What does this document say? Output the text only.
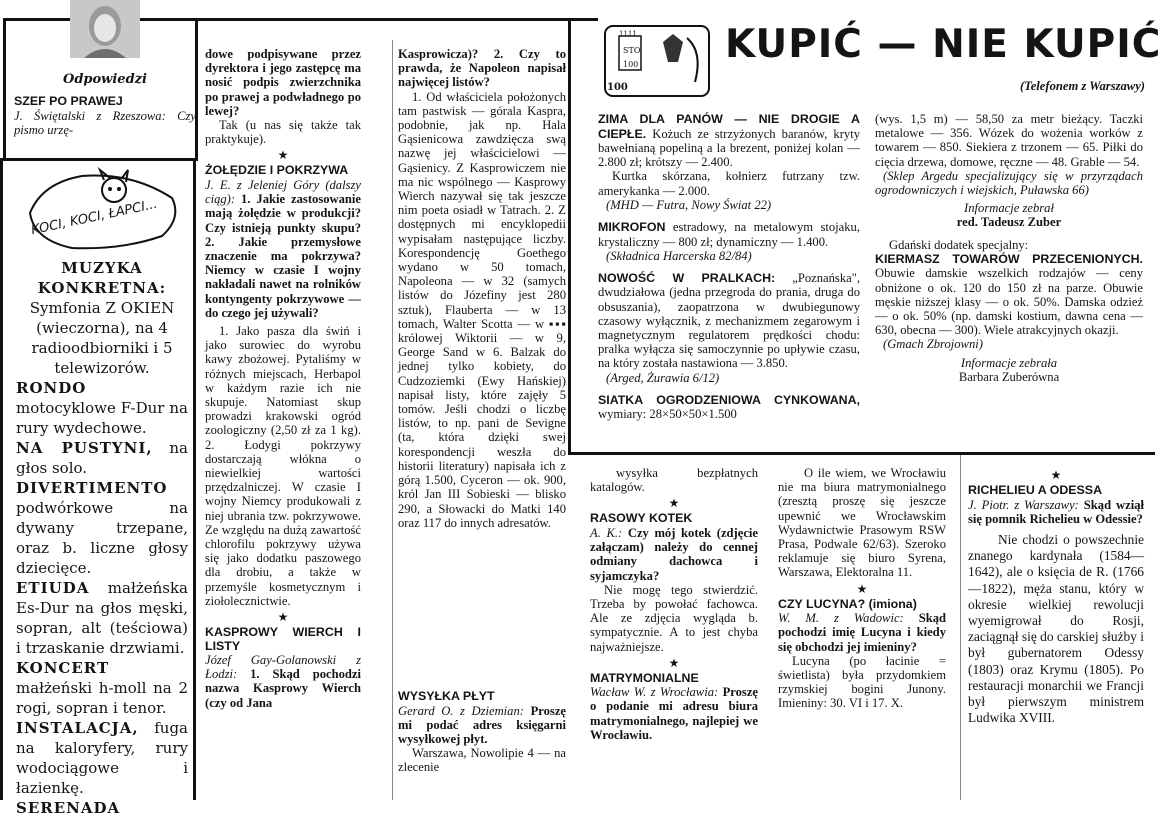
Odpowiedzi

SZEF PO PRAWEJ

J. Świętalski z Rzeszowa: Czy pismo urzę-

KOCI, KOCI, ŁAPCI...
MUZYKA KONKRETNA: Symfonia Z OKIEN (wieczorna), na 4 radioodbiorniki i 5 telewizorów.
RONDO motocyklowe F-Dur na rury wydechowe.
NA PUSTYNI, na głos solo.
DIVERTIMENTO podwórkowe na dywany trzepane, oraz b. liczne głosy dziecięce.
ETIUDA małżeńska Es-Dur na głos męski, sopran, alt (teściowa) i trzaskanie drzwiami.
KONCERT małżeński h-moll na 2 rogi, sopran i tenor.
INSTALACJA, fuga na kaloryfery, rury wodociągowe i łazienkę.
SERENADA

dowe podpisywane przez dyrektora i jego zastępcę ma nosić podpis zwierzchnika po prawej a podwładnego po lewej?

Tak (u nas się także tak praktykuje).

★

ŻOŁĘDZIE I POKRZYWA

J. E. z Jeleniej Góry (dalszy ciąg): 1. Jakie zastosowanie mają żołędzie w produkcji? Czy istnieją punkty skupu? 2. Jakie przemysłowe znaczenie ma pokrzywa? Niemcy w czasie I wojny nakładali nawet na rolników kontyngenty pokrzywowe — do czego jej używali?

1. Jako pasza dla świń i jako surowiec do wyrobu kawy zbożowej. Pytaliśmy w różnych miejscach, Herbapol w każdym razie ich nie skupuje. Natomiast skup prowadzi krakowski ogród zoologiczny (2,50 zł za 1 kg). 2. Łodygi pokrzywy dostarczają włókna o niewielkiej wartości przędzalniczej. W czasie I wojny Niemcy produkowali z niej ubrania tzw. pokrzywowe. Ze względu na dużą zawartość chlorofilu pokrzywy używa się jako dodatku paszowego dla drobiu, a także w przemyśle kosmetycznym i ziołolecznictwie.

★

KASPROWY WIERCH I LISTY

Józef Gay-Golanowski z Łodzi: 1. Skąd pochodzi nazwa Kasprowy Wierch (czy od Jana

Kasprowicza)? 2. Czy to prawda, że Napoleon napisał najwięcej listów?

1. Od właściciela położonych tam pastwisk — górala Kaspra, podobnie, jak np. Hala Gąsienicowa zawdzięcza swą nazwę jej właścicielowi — Gąsienicy. Z Kasprowiczem nie ma nic wspólnego — Kasprowy Wierch nazywał się tak jeszcze nim poeta osiadł w Tatrach. 2. Z dostępnych mi encyklopedii wypisałam następujące liczby. Korespondencję Goethego wydano w 50 tomach, Napoleona — w 32 (samych listów do Józefiny jest 280 sztuk), Flauberta — w 13 tomach, Walter Scotta — w ▪▪▪ królowej Wiktorii — w 9, George Sand w 6. Balzak do jednej tylko kobiety, do Cudzoziemki (Ewy Hańskiej) napisał listy, które zajęły 5 tomów. Jeśli chodzi o liczbę listów, to np. pani de Sevigne (ta, która dzięki swej korespondencji weszła do historii literatury) napisała ich z górą 1.500, Cyceron — ok. 900, król Jan III Sobieski — blisko 290, a Słowacki do Matki 140 oraz 117 do innych adresatów.

1111
STO
100
100
KUPIĆ — NIE KUPIĆ
(Telefonem z Warszawy)

ZIMA DLA PANÓW — NIE DROGIE A CIEPŁE. Kożuch ze strzyżonych baranów, kryty bawełnianą popeliną a la brezent, poniżej kolan — 2.800 zł; krótszy — 2.400.

Kurtka skórzana, kołnierz futrzany tzw. amerykanka — 2.000.

(MHD — Futra, Nowy Świat 22)

MIKROFON estradowy, na metalowym stojaku, krystaliczny — 800 zł; dynamiczny — 1.400.

(Składnica Harcerska 82/84)

NOWOŚĆ W PRALKACH: „Poznańska", dwudziałowa (jedna przegroda do prania, druga do obsuszania), zaopatrzona w dwubiegunowy czasowy wyłącznik, z mechanizmem zegarowym i magnetycznym regulatorem prędkości chodu: pralka wyłącza się samoczynnie po upływie czasu, na który została nastawiona — 3.850.

(Arged, Żurawia 6/12)

SIATKA OGRODZENIOWA CYNKOWANA, wymiary: 28×50×50×1.500

(wys. 1,5 m) — 58,50 za metr bieżący. Taczki metalowe — 356. Wózek do wożenia worków z towarem — 850. Siekiera z trzonem — 65. Piłki do cięcia drzewa, domowe, ręczne — 48. Grable — 54.

(Sklep Argedu specjalizujący się w przyrządach ogrodowniczych i wiejskich, Puławska 66)

Informacje zebrał

red. Tadeusz Zuber

Gdański dodatek specjalny:

KIERMASZ TOWARÓW PRZECENIONYCH. Obuwie damskie wszelkich rodzajów — ceny obniżone o ok. 120 do 150 zł na parze. Obuwie męskie niższej klasy — o ok. 50%. Damska odzież — o ok. 50% (np. damski kostium, dawna cena — 630, obecna — 300). Wiele atrakcyjnych okazji.

(Gmach Zbrojowni)

Informacje zebrała

Barbara Zuberówna

wysyłka bezpłatnych katalogów.

★

RASOWY KOTEK

A. K.: Czy mój kotek (zdjęcie załączam) należy do cennej odmiany dachowca i syjamczyka?

Nie mogę tego stwierdzić. Trzeba by powołać fachowca. Ale ze zdjęcia wygląda b. sympatycznie. A to jest chyba najważniejsze.

★

MATRYMONIALNE

Wacław W. z Wrocławia: Proszę o podanie mi adresu biura matrymonialnego, najlepiej we Wrocławiu.

WYSYŁKA PŁYT

Gerard O. z Dziemian: Proszę mi podać adres księgarni wysyłkowej płyt.

Warszawa, Nowolipie 4 — na zlecenie

O ile wiem, we Wrocławiu nie ma biura matrymonialnego (zresztą proszę się jeszcze upewnić we Wrocławskim Wydawnictwie Prasowym RSW Prasa, Podwale 62/63). Szeroko reklamuje się biuro Syrena, Warszawa, Elektoralna 11.

★

CZY LUCYNA? (imiona)

W. M. z Wadowic: Skąd pochodzi imię Lucyna i kiedy się obchodzi jej imieniny?

Lucyna (po łacinie = świetlista) była przydomkiem rzymskiej bogini Junony. Imieniny: 30. VI i 17. X.

★

RICHELIEU A ODESSA

J. Piotr. z Warszawy: Skąd wziął się pomnik Richelieu w Odessie?

Nie chodzi o powszechnie znanego kardynała (1584—1642), ale o księcia de R. (1766—1822), męża stanu, który w okresie wielkiej rewolucji wyemigrował do Rosji, zaciągnął się do carskiej służby i był gubernatorem Odessy (1803) oraz Krymu (1805). Po restauracji monarchii we Francji był pierwszym ministrem Ludwika XVIII.
